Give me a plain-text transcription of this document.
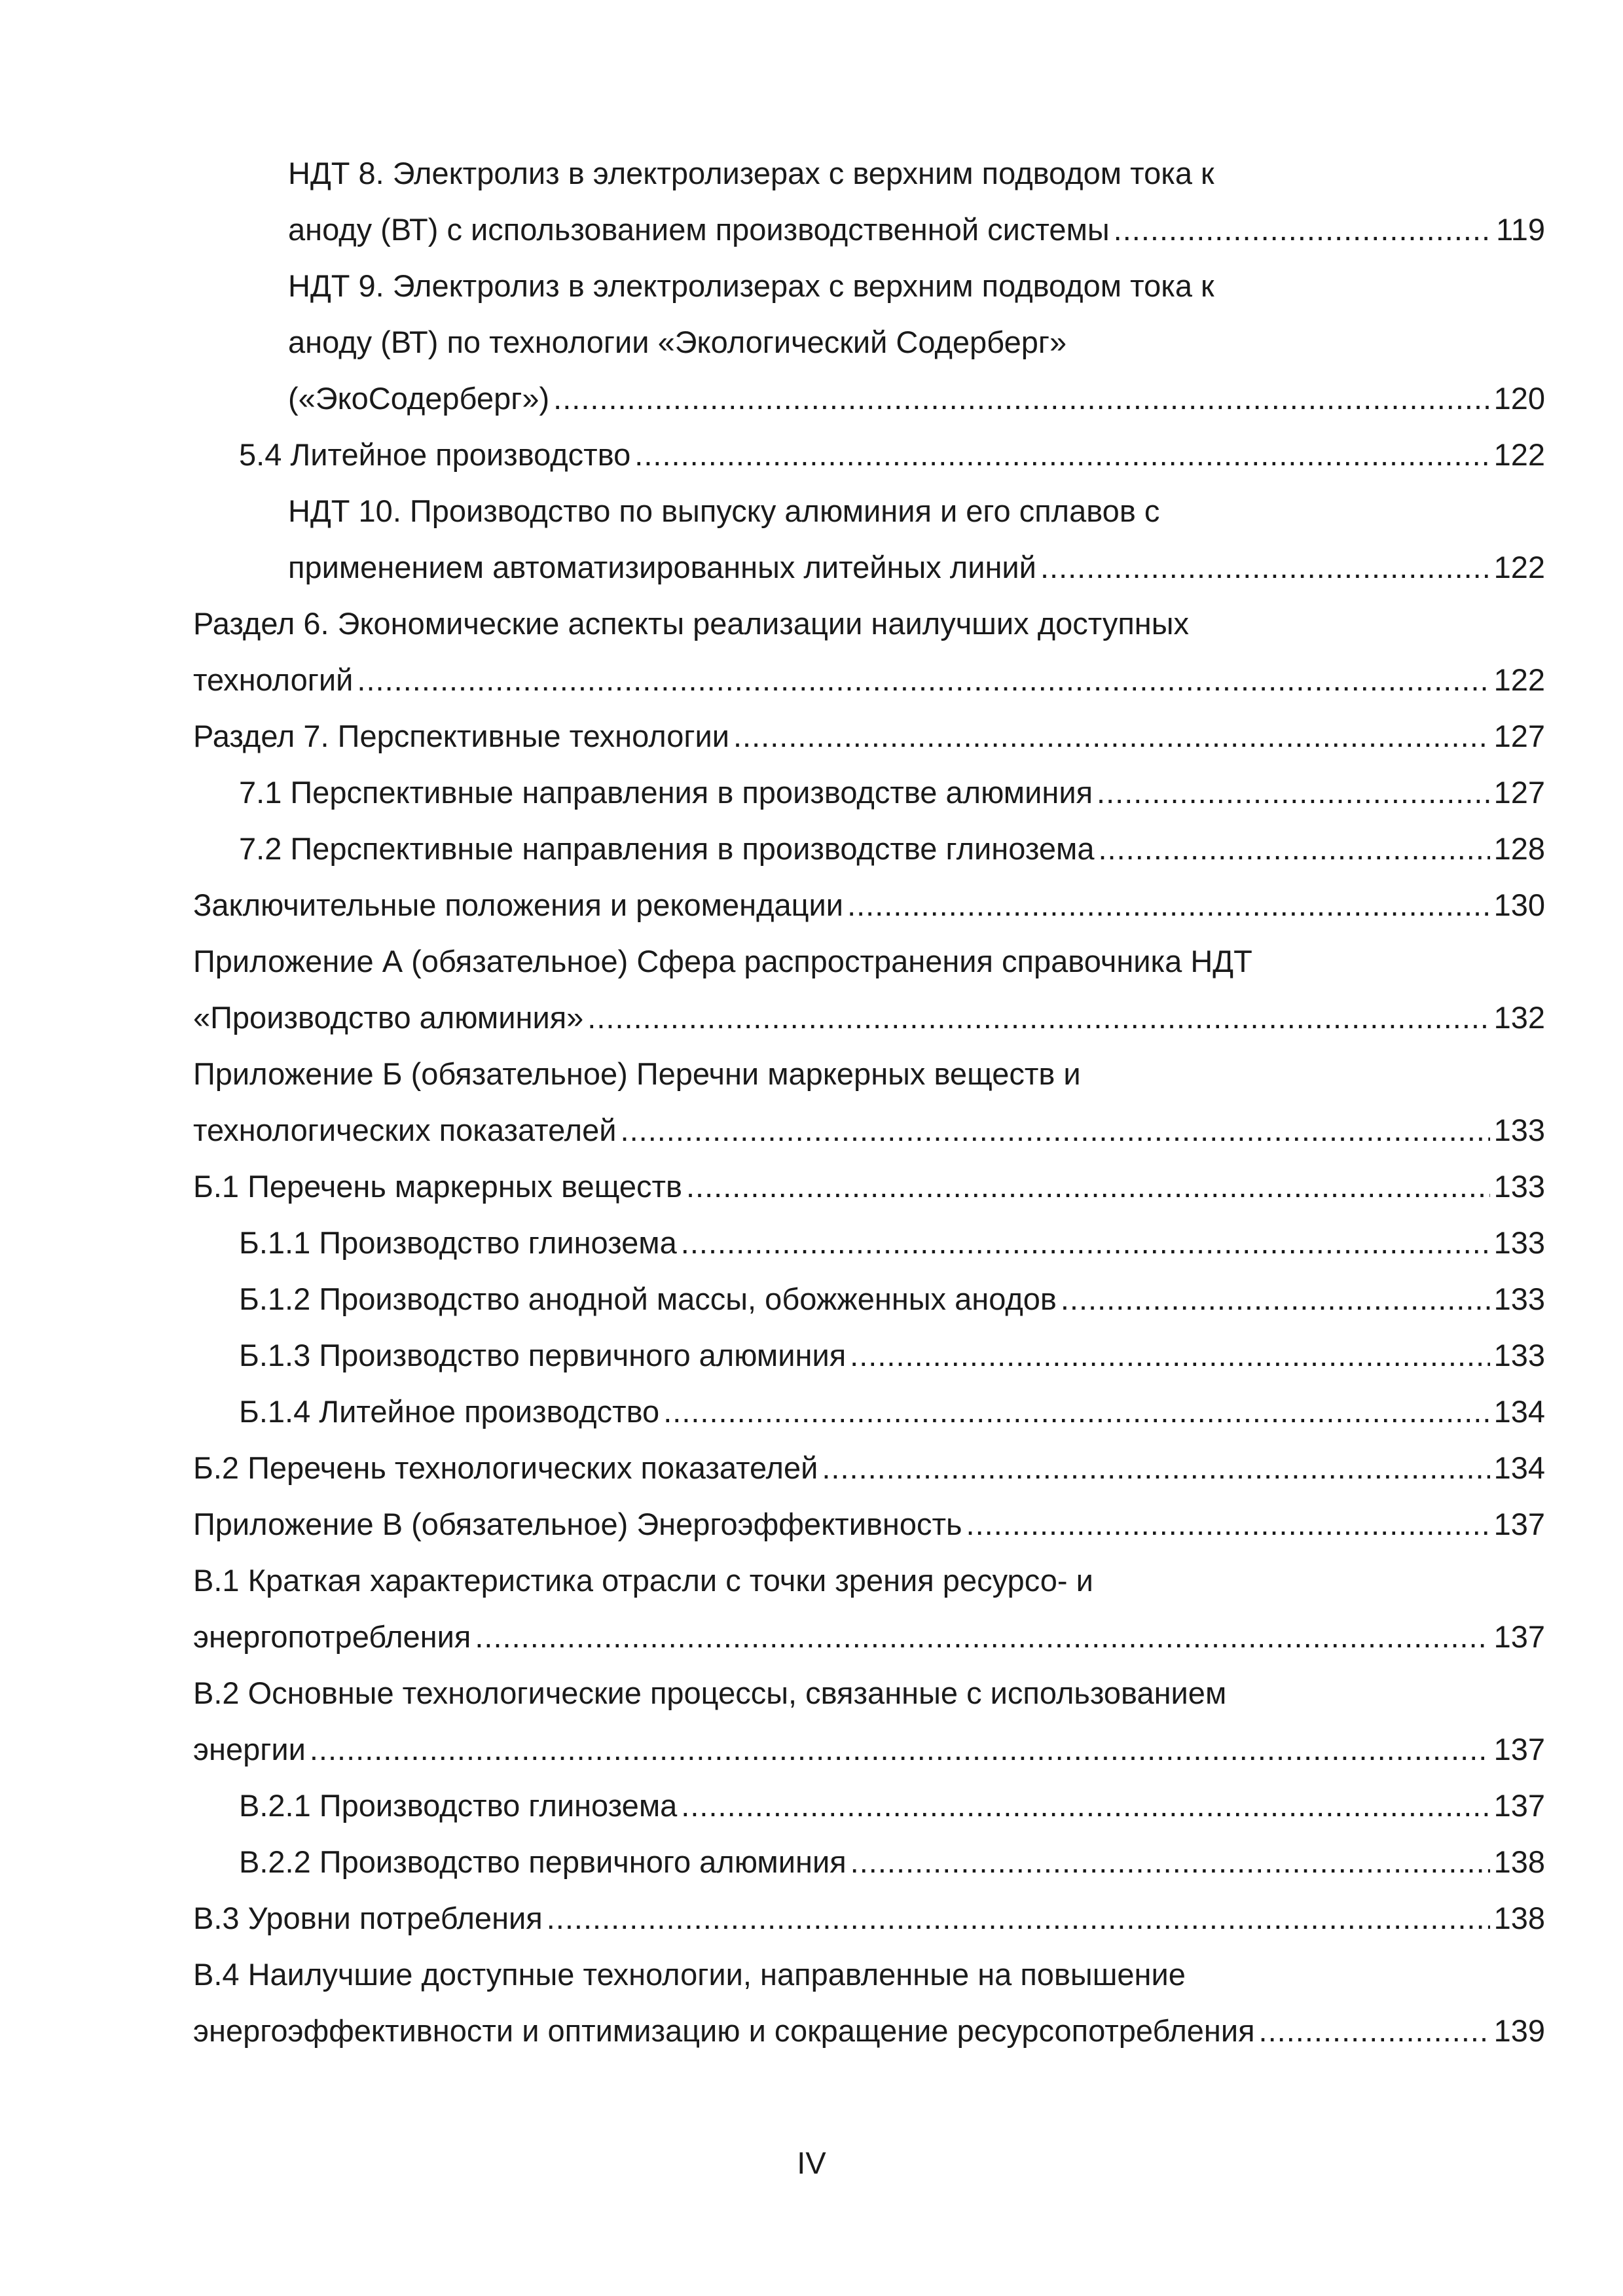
НДТ 8. Электролиз в электролизерах с верхним подводом тока к
аноду (ВТ) с использованием производственной системы .....	119
НДТ 9. Электролиз в электролизерах с верхним подводом тока к
аноду (ВТ) по технологии «Экологический Содерберг»
(«ЭкоСодерберг») .....	120
5.4 Литейное производство .....	122
НДТ 10. Производство по выпуску алюминия и его сплавов с
применением автоматизированных литейных линий .....	122
Раздел 6. Экономические аспекты реализации наилучших доступных
технологий .....	122
Раздел 7. Перспективные технологии .....	127
7.1 Перспективные направления в производстве алюминия .....	127
7.2 Перспективные направления в производстве глинозема .....	128
Заключительные положения и рекомендации .....	130
Приложение А (обязательное) Сфера распространения справочника НДТ
«Производство алюминия» .....	132
Приложение Б (обязательное) Перечни маркерных веществ и
технологических показателей .....	133
Б.1 Перечень маркерных веществ .....	133
Б.1.1 Производство глинозема .....	133
Б.1.2 Производство анодной массы, обожженных анодов .....	133
Б.1.3 Производство первичного алюминия .....	133
Б.1.4 Литейное производство .....	134
Б.2 Перечень технологических показателей .....	134
Приложение В (обязательное) Энергоэффективность .....	137
В.1 Краткая характеристика отрасли с точки зрения ресурсо- и
энергопотребления .....	137
В.2 Основные технологические процессы, связанные с использованием
энергии .....	137
В.2.1 Производство глинозема .....	137
В.2.2 Производство первичного алюминия .....	138
В.3 Уровни потребления .....	138
В.4 Наилучшие доступные технологии, направленные на повышение
энергоэффективности и оптимизацию и сокращение ресурсопотребления .....	139
IV
